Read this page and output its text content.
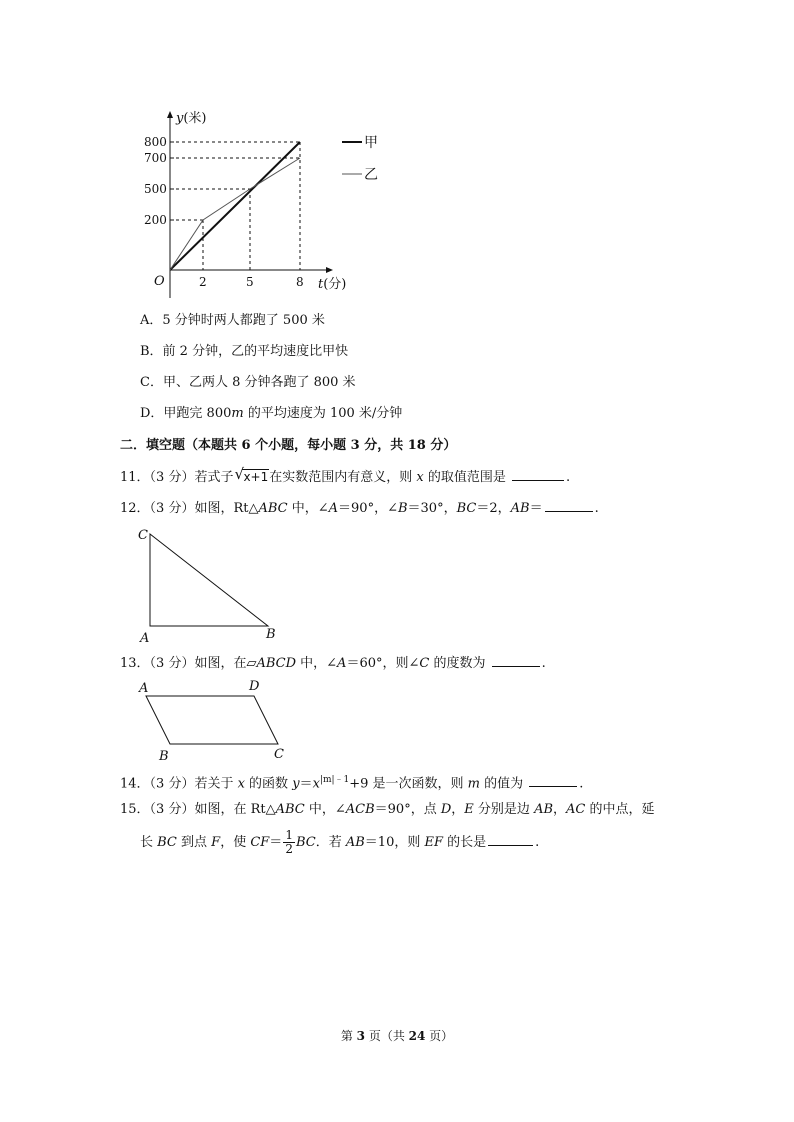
800
700
500
200
2	5	8
O
y(米)
t(分)
甲
乙
A．5 分钟时两人都跑了 500 米
B．前 2 分钟，乙的平均速度比甲快
C．甲、乙两人 8 分钟各跑了 800 米
D．甲跑完 800m 的平均速度为 100 米/分钟
二．填空题（本题共 6 个小题，每小题 3 分，共 18 分）
11．（3 分）若式子 √ x+1在实数范围内有意义，则 x 的取值范围是	.
12．（3 分）如图，Rt△ABC 中，∠A＝90°，∠B＝30°，BC＝2，AB＝	.
C
A	B
13．（3 分）如图，在▱ABCD 中，∠A＝60°，则∠C 的度数为	.
A	D
B	C
14．（3 分）若关于 x 的函数 $y=x^{|m|﹣1}+9$ 是一次函数，则 m 的值为	.
15．（3 分）如图，在 Rt△ABC 中，∠ACB＝90°，点 D，E 分别是边 AB，AC 的中点，延
长 BC 到点 F，使 $CF= \frac{1}{2}$ BC．若 AB＝10，则 EF 的长是	.
第 3 页（共 24 页）
